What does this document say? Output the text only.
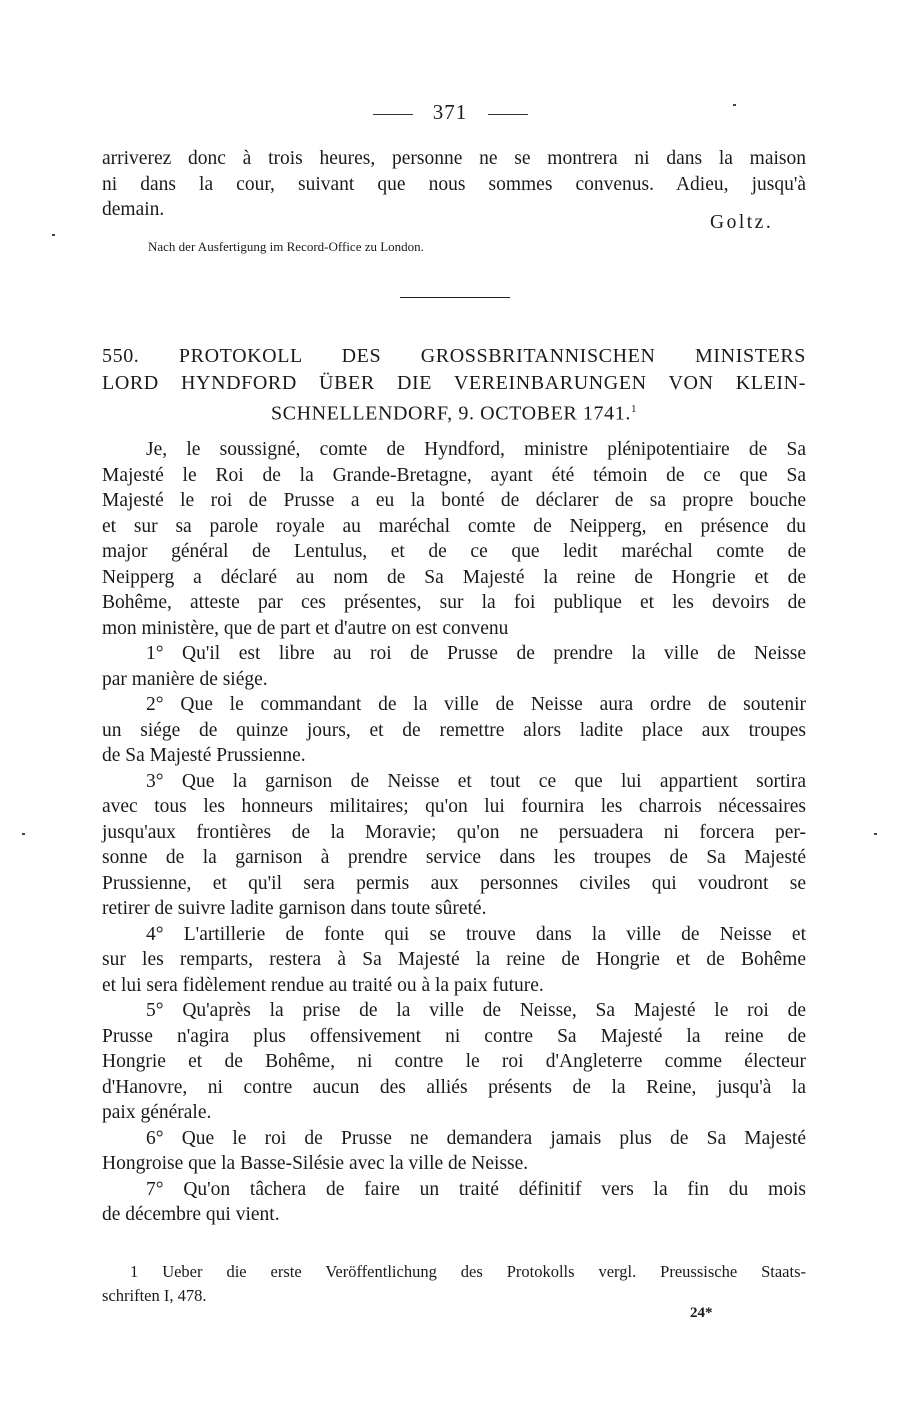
371
arriverez donc à trois heures, personne ne se montrera ni dans la maison
ni dans la cour, suivant que nous sommes convenus. Adieu, jusqu'à
demain.
Goltz.
Nach der Ausfertigung im Record-Office zu London.
550. PROTOKOLL DES GROSSBRITANNISCHEN MINISTERS
LORD HYNDFORD ÜBER DIE VEREINBARUNGEN VON KLEIN-
SCHNELLENDORF, 9. OCTOBER 1741.$^1$
Je, le soussigné, comte de Hyndford, ministre plénipotentiaire de Sa
Majesté le Roi de la Grande-Bretagne, ayant été témoin de ce que Sa
Majesté le roi de Prusse a eu la bonté de déclarer de sa propre bouche
et sur sa parole royale au maréchal comte de Neipperg, en présence du
major général de Lentulus, et de ce que ledit maréchal comte de
Neipperg a déclaré au nom de Sa Majesté la reine de Hongrie et de
Bohême, atteste par ces présentes, sur la foi publique et les devoirs de
mon ministère, que de part et d'autre on est convenu
1° Qu'il est libre au roi de Prusse de prendre la ville de Neisse
par manière de siége.
2° Que le commandant de la ville de Neisse aura ordre de soutenir
un siége de quinze jours, et de remettre alors ladite place aux troupes
de Sa Majesté Prussienne.
3° Que la garnison de Neisse et tout ce que lui appartient sortira
avec tous les honneurs militaires; qu'on lui fournira les charrois nécessaires
jusqu'aux frontières de la Moravie; qu'on ne persuadera ni forcera per-
sonne de la garnison à prendre service dans les troupes de Sa Majesté
Prussienne, et qu'il sera permis aux personnes civiles qui voudront se
retirer de suivre ladite garnison dans toute sûreté.
4° L'artillerie de fonte qui se trouve dans la ville de Neisse et
sur les remparts, restera à Sa Majesté la reine de Hongrie et de Bohême
et lui sera fidèlement rendue au traité ou à la paix future.
5° Qu'après la prise de la ville de Neisse, Sa Majesté le roi de
Prusse n'agira plus offensivement ni contre Sa Majesté la reine de
Hongrie et de Bohême, ni contre le roi d'Angleterre comme électeur
d'Hanovre, ni contre aucun des alliés présents de la Reine, jusqu'à la
paix générale.
6° Que le roi de Prusse ne demandera jamais plus de Sa Majesté
Hongroise que la Basse-Silésie avec la ville de Neisse.
7° Qu'on tâchera de faire un traité définitif vers la fin du mois
de décembre qui vient.
1 Ueber die erste Veröffentlichung des Protokolls vergl. Preussische Staats-
schriften I, 478.
24*
